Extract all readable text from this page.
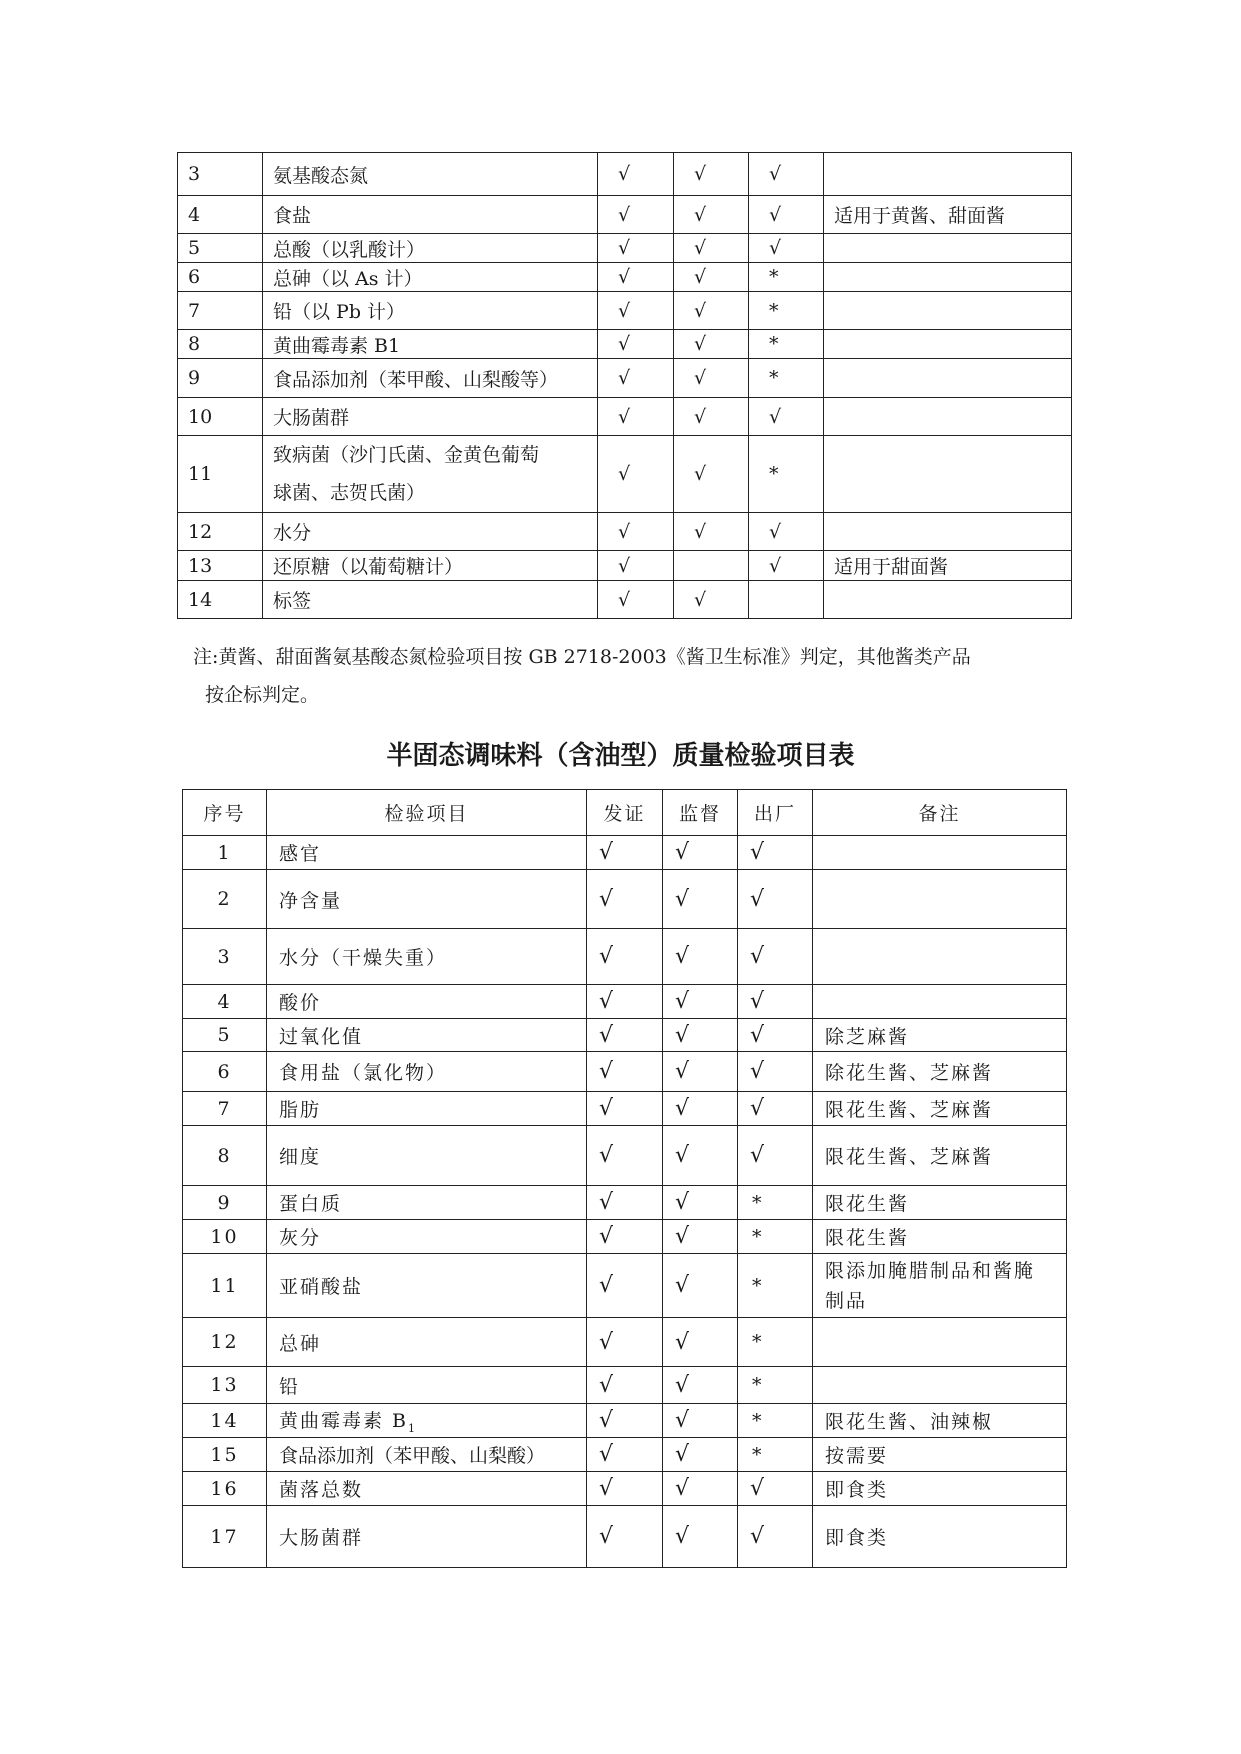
3	氨基酸态氮	√	√	√	
4	食盐	√	√	√	适用于黄酱、甜面酱
5	总酸（以乳酸计）	√	√	√	
6	总砷（以 As 计）	√	√	*	
7	铅（以 Pb 计）	√	√	*	
8	黄曲霉毒素 B1	√	√	*	
9	食品添加剂（苯甲酸、山梨酸等）	√	√	*	
10	大肠菌群	√	√	√	
11	致病菌（沙门氏菌、金黄色葡萄
球菌、志贺氏菌）	√	√	*	
12	水分	√	√	√	
13	还原糖（以葡萄糖计）	√		√	适用于甜面酱
14	标签	√	√		
注:黄酱、甜面酱氨基酸态氮检验项目按 GB 2718-2003《酱卫生标准》判定，其他酱类产品
按企标判定。
半固态调味料（含油型）质量检验项目表
序号	检验项目	发证	监督	出厂	备注
1	感官	√	√	√	
2	净含量	√	√	√	
3	水分（干燥失重）	√	√	√	
4	酸价	√	√	√	
5	过氧化值	√	√	√	除芝麻酱
6	食用盐（氯化物）	√	√	√	除花生酱、芝麻酱
7	脂肪	√	√	√	限花生酱、芝麻酱
8	细度	√	√	√	限花生酱、芝麻酱
9	蛋白质	√	√	*	限花生酱
10	灰分	√	√	*	限花生酱
11	亚硝酸盐	√	√	*	限添加腌腊制品和酱腌
制品

12	总砷	√	√	*	
13	铅	√	√	*	
14	黄曲霉毒素 $B_1$	√	√	*	限花生酱、油辣椒
15	食品添加剂（苯甲酸、山梨酸）	√	√	*	按需要
16	菌落总数	√	√	√	即食类
17	大肠菌群	√	√	√	即食类
